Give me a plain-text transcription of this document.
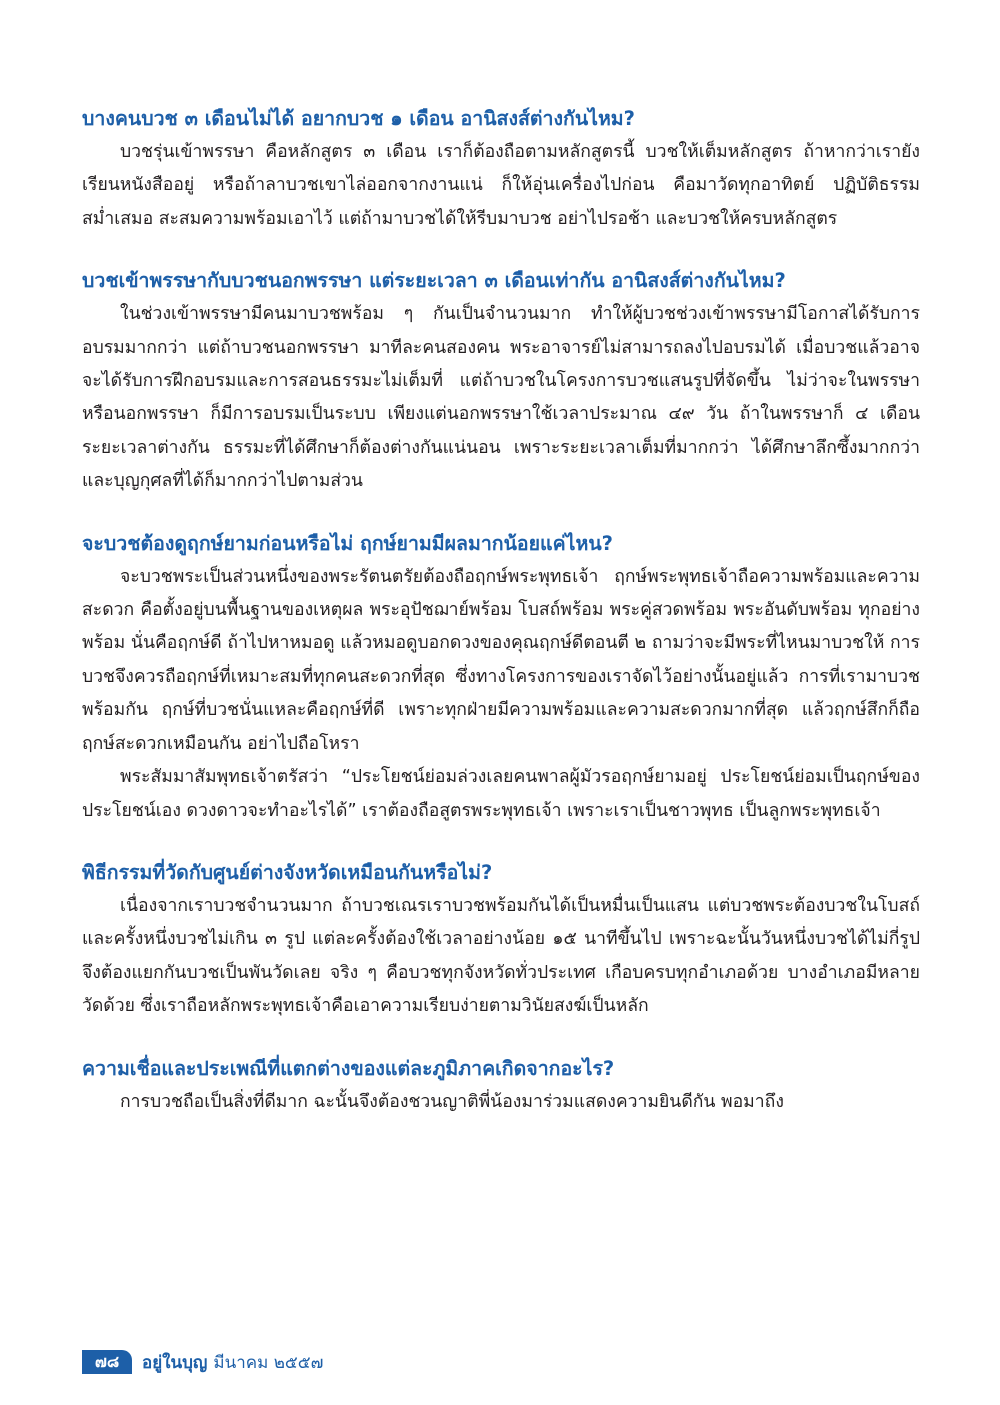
บางคนบวช ๓ เดือนไม่ได้ อยากบวช ๑ เดือน อานิสงส์ต่างกันไหม?

บวชรุ่นเข้าพรรษา คือหลักสูตร ๓ เดือน เราก็ต้องถือตามหลักสูตรนี้ บวชให้เต็มหลักสูตร ถ้าหากว่าเรายังเรียนหนังสืออยู่ หรือถ้าลาบวชเขาไล่ออกจากงานแน่ ก็ให้อุ่นเครื่องไปก่อน คือมาวัดทุกอาทิตย์ ปฏิบัติธรรมสม่ำเสมอ สะสมความพร้อมเอาไว้ แต่ถ้ามาบวชได้ให้รีบมาบวช อย่าไปรอช้า และบวชให้ครบหลักสูตร

บวชเข้าพรรษากับบวชนอกพรรษา แต่ระยะเวลา ๓ เดือนเท่ากัน อานิสงส์ต่างกันไหม?

ในช่วงเข้าพรรษามีคนมาบวชพร้อม ๆ กันเป็นจำนวนมาก ทำให้ผู้บวชช่วงเข้าพรรษามีโอกาสได้รับการอบรมมากกว่า แต่ถ้าบวชนอกพรรษา มาทีละคนสองคน พระอาจารย์ไม่สามารถลงไปอบรมได้ เมื่อบวชแล้วอาจจะได้รับการฝึกอบรมและการสอนธรรมะไม่เต็มที่ แต่ถ้าบวชในโครงการบวชแสนรูปที่จัดขึ้น ไม่ว่าจะในพรรษาหรือนอกพรรษา ก็มีการอบรมเป็นระบบ เพียงแต่นอกพรรษาใช้เวลาประมาณ ๔๙ วัน ถ้าในพรรษาก็ ๔ เดือน ระยะเวลาต่างกัน ธรรมะที่ได้ศึกษาก็ต้องต่างกันแน่นอน เพราะระยะเวลาเต็มที่มากกว่า ได้ศึกษาลึกซึ้งมากกว่า และบุญกุศลที่ได้ก็มากกว่าไปตามส่วน

จะบวชต้องดูฤกษ์ยามก่อนหรือไม่ ฤกษ์ยามมีผลมากน้อยแค่ไหน?

จะบวชพระเป็นส่วนหนึ่งของพระรัตนตรัยต้องถือฤกษ์พระพุทธเจ้า ฤกษ์พระพุทธเจ้าถือความพร้อมและความสะดวก คือตั้งอยู่บนพื้นฐานของเหตุผล พระอุปัชฌาย์พร้อม โบสถ์พร้อม พระคู่สวดพร้อม พระอันดับพร้อม ทุกอย่างพร้อม นั่นคือฤกษ์ดี ถ้าไปหาหมอดู แล้วหมอดูบอกดวงของคุณฤกษ์ดีตอนตี ๒ ถามว่าจะมีพระที่ไหนมาบวชให้ การบวชจึงควรถือฤกษ์ที่เหมาะสมที่ทุกคนสะดวกที่สุด ซึ่งทางโครงการของเราจัดไว้อย่างนั้นอยู่แล้ว การที่เรามาบวชพร้อมกัน ฤกษ์ที่บวชนั่นแหละคือฤกษ์ที่ดี เพราะทุกฝ่ายมีความพร้อมและความสะดวกมากที่สุด แล้วฤกษ์สึกก็ถือฤกษ์สะดวกเหมือนกัน อย่าไปถือโหรา

พระสัมมาสัมพุทธเจ้าตรัสว่า “ประโยชน์ย่อมล่วงเลยคนพาลผู้มัวรอฤกษ์ยามอยู่ ประโยชน์ย่อมเป็นฤกษ์ของประโยชน์เอง ดวงดาวจะทำอะไรได้” เราต้องถือสูตรพระพุทธเจ้า เพราะเราเป็นชาวพุทธ เป็นลูกพระพุทธเจ้า

พิธีกรรมที่วัดกับศูนย์ต่างจังหวัดเหมือนกันหรือไม่?

เนื่องจากเราบวชจำนวนมาก ถ้าบวชเณรเราบวชพร้อมกันได้เป็นหมื่นเป็นแสน แต่บวชพระต้องบวชในโบสถ์ และครั้งหนึ่งบวชไม่เกิน ๓ รูป แต่ละครั้งต้องใช้เวลาอย่างน้อย ๑๕ นาทีขึ้นไป เพราะฉะนั้นวันหนึ่งบวชได้ไม่กี่รูป จึงต้องแยกกันบวชเป็นพันวัดเลย จริง ๆ คือบวชทุกจังหวัดทั่วประเทศ เกือบครบทุกอำเภอด้วย บางอำเภอมีหลายวัดด้วย ซึ่งเราถือหลักพระพุทธเจ้าคือเอาความเรียบง่ายตามวินัยสงฆ์เป็นหลัก

ความเชื่อและประเพณีที่แตกต่างของแต่ละภูมิภาคเกิดจากอะไร?

การบวชถือเป็นสิ่งที่ดีมาก ฉะนั้นจึงต้องชวนญาติพี่น้องมาร่วมแสดงความยินดีกัน พอมาถึง

๗๘	อยู่ในบุญ มีนาคม ๒๕๕๗
